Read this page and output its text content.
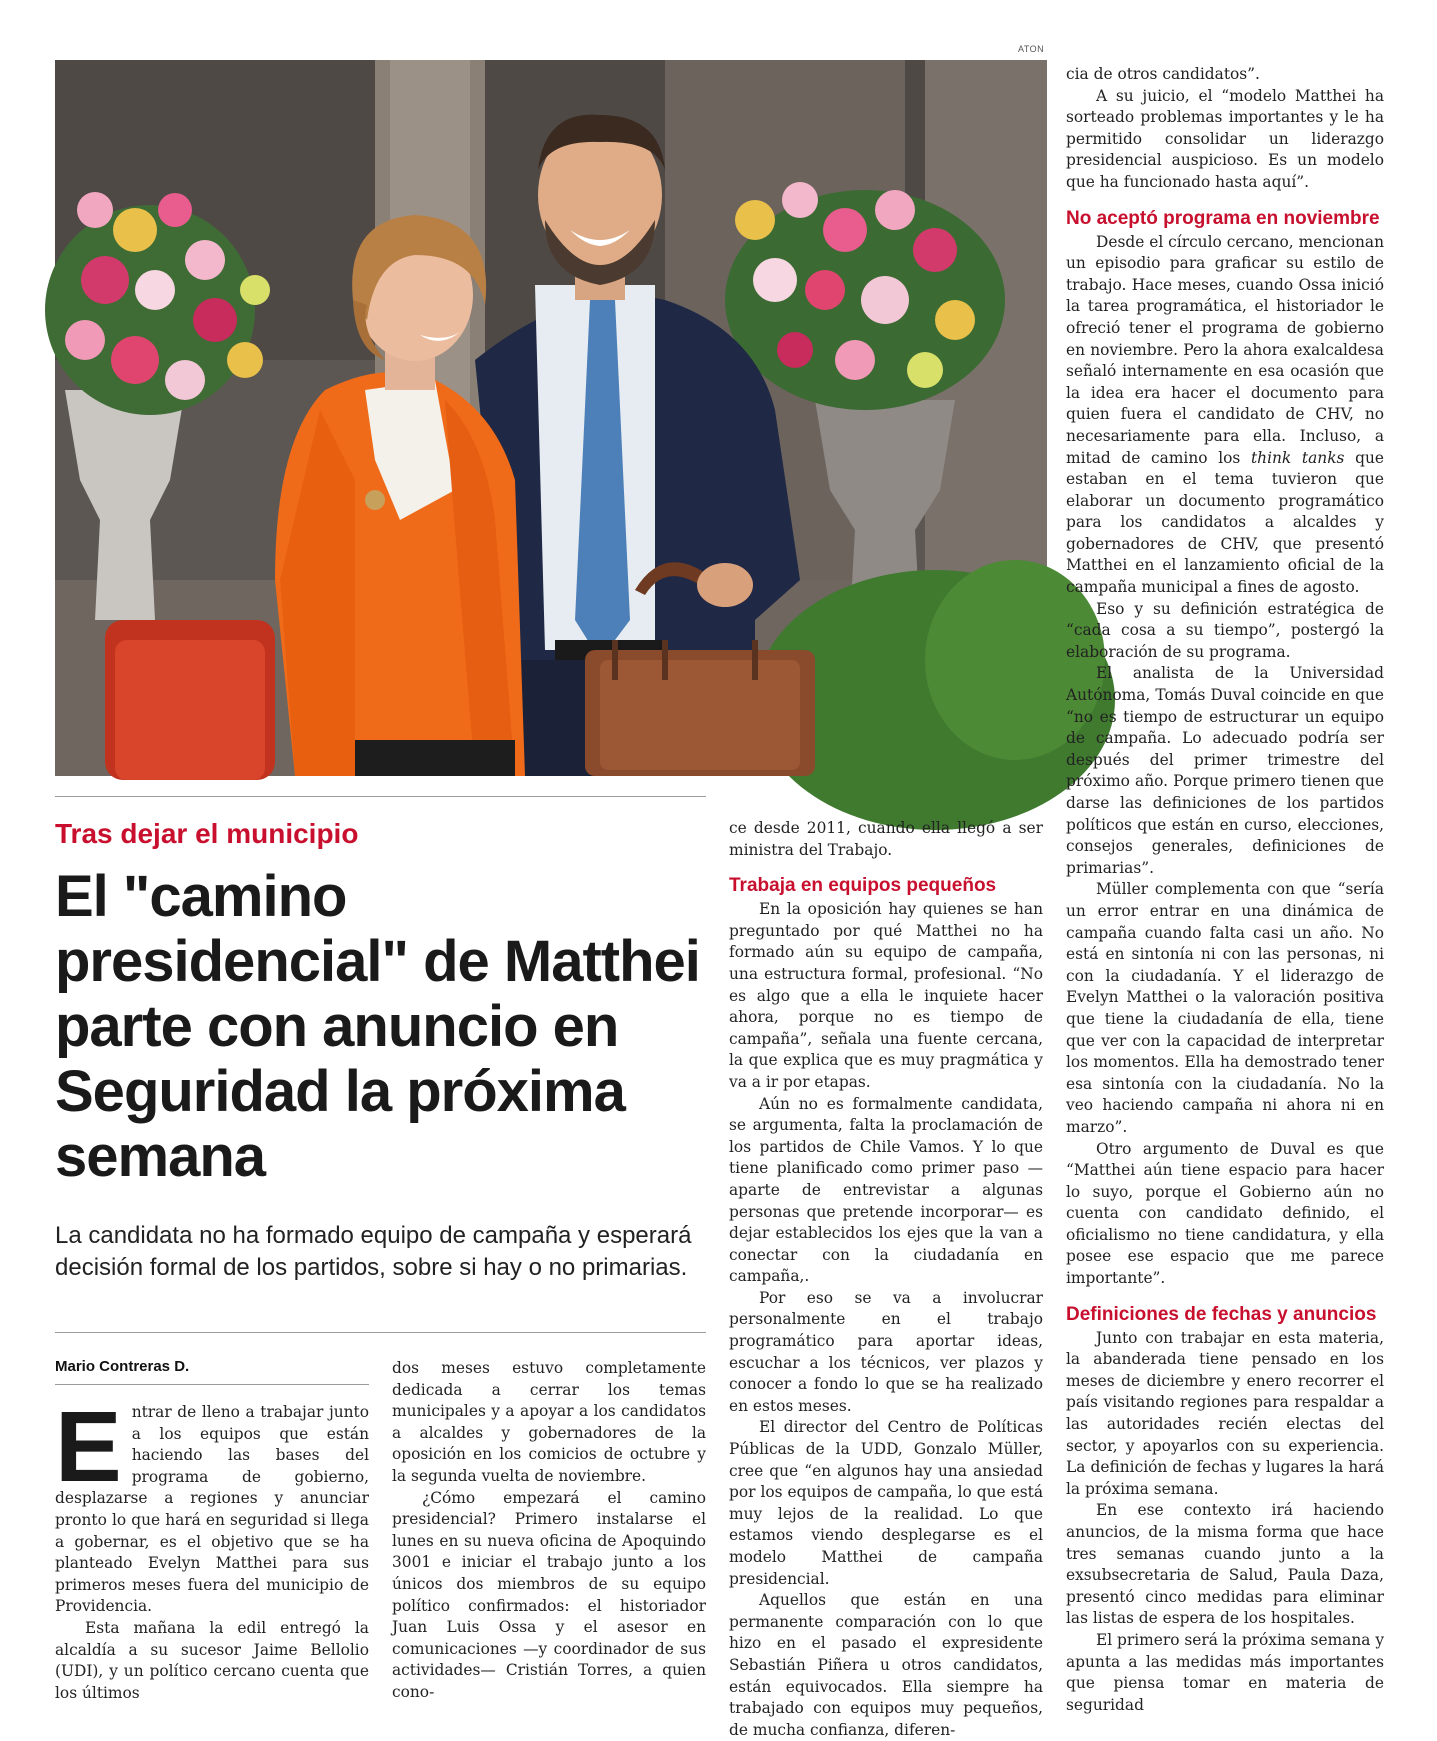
ATON
Tras dejar el municipio
El "camino presidencial" de Matthei parte con anuncio en Seguridad la próxima semana

La candidata no ha formado equipo de campaña y esperará decisión formal de los partidos, sobre si hay o no primarias.

Mario Contreras D.

Entrar de lleno a trabajar junto a los equipos que están haciendo las bases del programa de gobierno, desplazarse a regiones y anunciar pronto lo que hará en seguridad si llega a gobernar, es el objetivo que se ha planteado Evelyn Matthei para sus primeros meses fuera del municipio de Providencia.

Esta mañana la edil entregó la alcaldía a su sucesor Jaime Bellolio (UDI), y un político cercano cuenta que los últimos

dos meses estuvo completamente dedicada a cerrar los temas municipales y a apoyar a los candidatos a alcaldes y gobernadores de la oposición en los comicios de octubre y la segunda vuelta de noviembre.

¿Cómo empezará el camino presidencial? Primero instalarse el lunes en su nueva oficina de Apoquindo 3001 e iniciar el trabajo junto a los únicos dos miembros de su equipo político confirmados: el historiador Juan Luis Ossa y el asesor en comunicaciones —y coordinador de sus actividades— Cristián Torres, a quien cono-

ce desde 2011, cuando ella llegó a ser ministra del Trabajo.

Trabaja en equipos pequeños

En la oposición hay quienes se han preguntado por qué Matthei no ha formado aún su equipo de campaña, una estructura formal, profesional. “No es algo que a ella le inquiete hacer ahora, porque no es tiempo de campaña”, señala una fuente cercana, la que explica que es muy pragmática y va a ir por etapas.

Aún no es formalmente candidata, se argumenta, falta la proclamación de los partidos de Chile Vamos. Y lo que tiene planificado como primer paso —aparte de entrevistar a algunas personas que pretende incorporar— es dejar establecidos los ejes que la van a conectar con la ciudadanía en campaña,.

Por eso se va a involucrar personalmente en el trabajo programático para aportar ideas, escuchar a los técnicos, ver plazos y conocer a fondo lo que se ha realizado en estos meses.

El director del Centro de Políticas Públicas de la UDD, Gonzalo Müller, cree que “en algunos hay una ansiedad por los equipos de campaña, lo que está muy lejos de la realidad. Lo que estamos viendo desplegarse es el modelo Matthei de campaña presidencial.

Aquellos que están en una permanente comparación con lo que hizo en el pasado el expresidente Sebastián Piñera u otros candidatos, están equivocados. Ella siempre ha trabajado con equipos muy pequeños, de mucha confianza, diferen-

cia de otros candidatos”.

A su juicio, el “modelo Matthei ha sorteado problemas importantes y le ha permitido consolidar un liderazgo presidencial auspicioso. Es un modelo que ha funcionado hasta aquí”.

No aceptó programa en noviembre

Desde el círculo cercano, mencionan un episodio para graficar su estilo de trabajo. Hace meses, cuando Ossa inició la tarea programática, el historiador le ofreció tener el programa de gobierno en noviembre. Pero la ahora exalcaldesa señaló internamente en esa ocasión que la idea era hacer el documento para quien fuera el candidato de CHV, no necesariamente para ella. Incluso, a mitad de camino los think tanks que estaban en el tema tuvieron que elaborar un documento programático para los candidatos a alcaldes y gobernadores de CHV, que presentó Matthei en el lanzamiento oficial de la campaña municipal a fines de agosto.

Eso y su definición estratégica de “cada cosa a su tiempo”, postergó la elaboración de su programa.

El analista de la Universidad Autónoma, Tomás Duval coincide en que “no es tiempo de estructurar un equipo de campaña. Lo adecuado podría ser después del primer trimestre del próximo año. Porque primero tienen que darse las definiciones de los partidos políticos que están en curso, elecciones, consejos generales, definiciones de primarias”.

Müller complementa con que “sería un error entrar en una dinámica de campaña cuando falta casi un año. No está en sintonía ni con las personas, ni con la ciudadanía. Y el liderazgo de Evelyn Matthei o la valoración positiva que tiene la ciudadanía de ella, tiene que ver con la capacidad de interpretar los momentos. Ella ha demostrado tener esa sintonía con la ciudadanía. No la veo haciendo campaña ni ahora ni en marzo”.

Otro argumento de Duval es que “Matthei aún tiene espacio para hacer lo suyo, porque el Gobierno aún no cuenta con candidato definido, el oficialismo no tiene candidatura, y ella posee ese espacio que me parece importante”.

Definiciones de fechas y anuncios

Junto con trabajar en esta materia, la abanderada tiene pensado en los meses de diciembre y enero recorrer el país visitando regiones para respaldar a las autoridades recién electas del sector, y apoyarlos con su experiencia. La definición de fechas y lugares la hará la próxima semana.

En ese contexto irá haciendo anuncios, de la misma forma que hace tres semanas cuando junto a la exsubsecretaria de Salud, Paula Daza, presentó cinco medidas para eliminar las listas de espera de los hospitales.

El primero será la próxima semana y apunta a las medidas más importantes que piensa tomar en materia de seguridad
